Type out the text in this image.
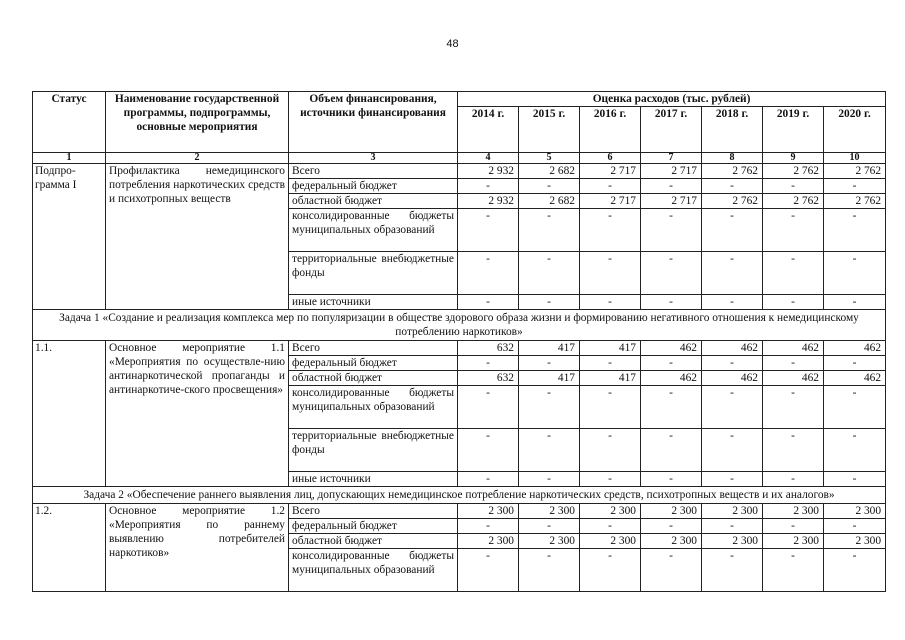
48
Статус	Наименование государственной программы, подпрограммы, основные мероприятия	Объем финансирования, источники финансирования	Оценка расходов (тыс. рублей)						
			2014 г.	2015 г.	2016 г.	2017 г.	2018 г.	2019 г.	2020 г.
1	2	3	4	5	6	7	8	9	10
Подпро-грамма I	Профилактика немедицинского потребления наркотических средств и психотропных веществ	Всего	2 932	2 682	2 717	2 717	2 762	2 762	2 762
		федеральный бюджет	-	-	-	-	-	-	-
		областной бюджет	2 932	2 682	2 717	2 717	2 762	2 762	2 762
		консолидированные бюджеты муниципальных образований	-	-	-	-	-	-	-
		территориальные внебюджетные фонды	-	-	-	-	-	-	-
		иные источники	-	-	-	-	-	-	-
Задача 1 «Создание и реализация комплекса мер по популяризации в обществе здорового образа жизни и формированию негативного отношения к немедицинскому потреблению наркотиков»									
1.1.	Основное мероприятие 1.1 «Мероприятия по осуществле-нию антинаркотической пропаганды и антинаркотиче-ского просвещения»	Всего	632	417	417	462	462	462	462
		федеральный бюджет	-	-	-	-	-	-	-
		областной бюджет	632	417	417	462	462	462	462
		консолидированные бюджеты муниципальных образований	-	-	-	-	-	-	-
		территориальные внебюджетные фонды	-	-	-	-	-	-	-
		иные источники	-	-	-	-	-	-	-
Задача 2 «Обеспечение раннего выявления лиц, допускающих немедицинское потребление наркотических средств, психотропных веществ и их аналогов»									
1.2.	Основное мероприятие 1.2 «Мероприятия по раннему выявлению потребителей наркотиков»	Всего	2 300	2 300	2 300	2 300	2 300	2 300	2 300
		федеральный бюджет	-	-	-	-	-	-	-
		областной бюджет	2 300	2 300	2 300	2 300	2 300	2 300	2 300
		консолидированные бюджеты муниципальных образований	-	-	-	-	-	-	-
